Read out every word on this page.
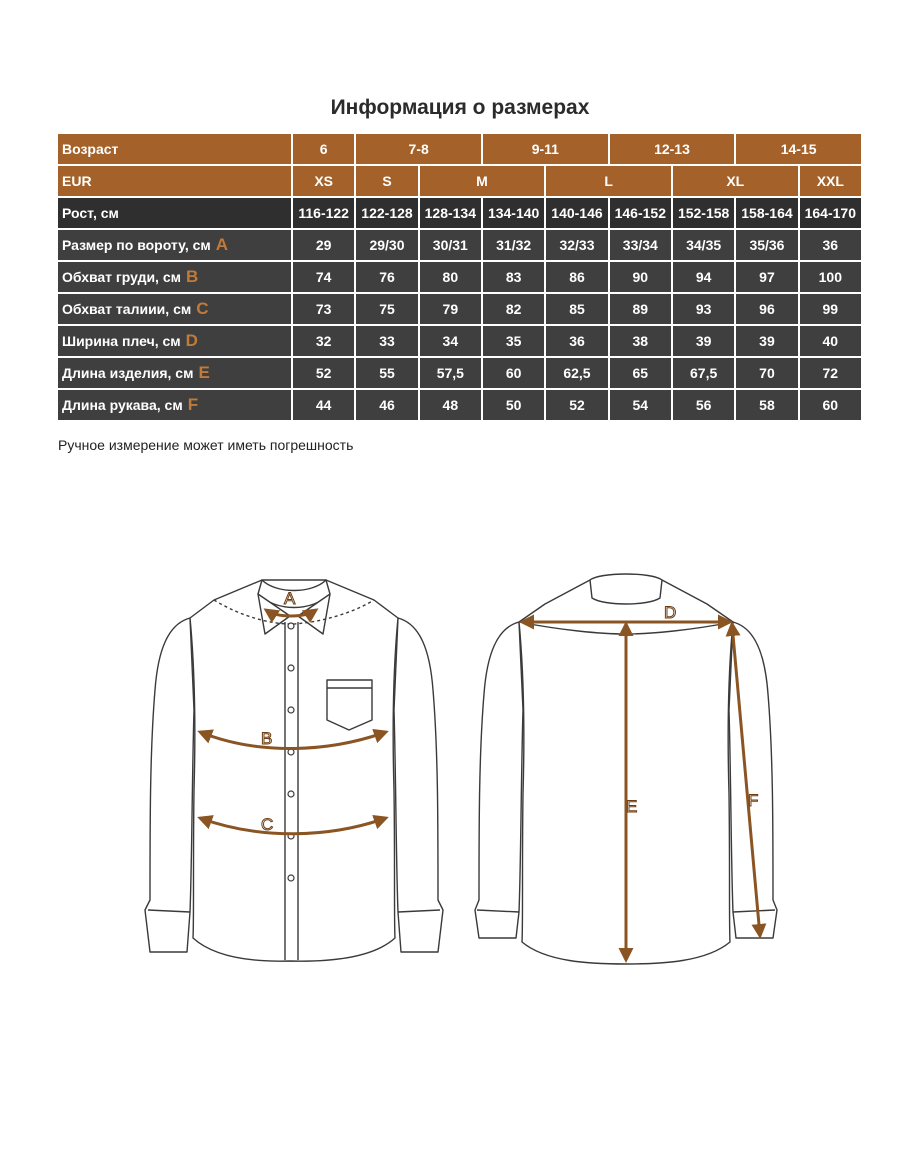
Информация о размерах
Возраст	6	7-8		9-11		12-13		14-15	
EUR	XS	S	M		L		XL		XXL
Рост, см	116-122	122-128	128-134	134-140	140-146	146-152	152-158	158-164	164-170
Размер по вороту, см A	29	29/30	30/31	31/32	32/33	33/34	34/35	35/36	36
Обхват груди, см B	74	76	80	83	86	90	94	97	100
Обхват талиии, см C	73	75	79	82	85	89	93	96	99
Ширина плеч, см D	32	33	34	35	36	38	39	39	40
Длина изделия, см E	52	55	57,5	60	62,5	65	67,5	70	72
Длина рукава, см F	44	46	48	50	52	54	56	58	60
Ручное измерение может иметь погрешность
A
B
C
D
E	F
